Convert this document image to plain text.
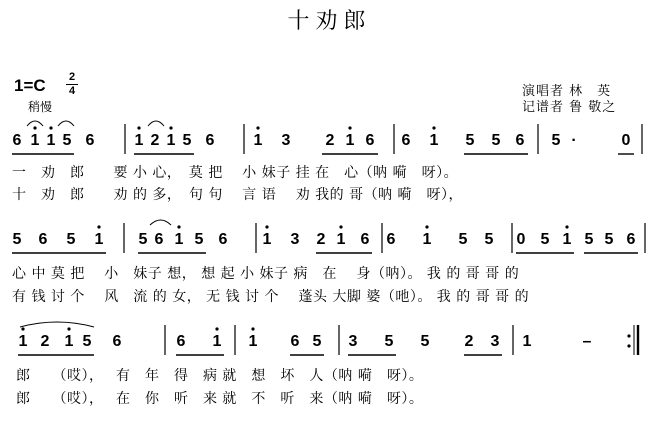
十劝郎
1=C 2
4
稍慢
演唱者 林　英
记谱者 鲁 敬之
6 1 1 5 6	1 2 1 5 6 1 3 2 1 6 6 1 5 5 6 5 ·	0
一　劝　郎　　要 小 心，　莫 把　 小 妹子 挂 在　心（呐 嗬　呀）。
十　劝　郎　　劝 的 多，　句 句　 言 语　 劝 我的 哥（呐 嗬　呀），
5 6 5 1 5 6 1 5 6 1 3 2 1 6 6 1 5 5 0 5 1 5 5 6
心 中 莫 把　 小　妹子 想， 想 起 小 妹子 病　在　 身（呐）。 我 的 哥 哥 的
有 钱 讨 个　 风　流 的 女， 无 钱 讨 个　 蓬头 大脚 婆（吔）。 我 的 哥 哥 的
1 2 1 5 6	6 1 1 6 5 3 5 5 2 3 1	–
郎　　（哎），　 有　年　得　病 就　想　坏　人（呐 嗬　呀）。
郎　　（哎），　 在　你　听　来 就　不　听　来（呐 嗬　呀）。
